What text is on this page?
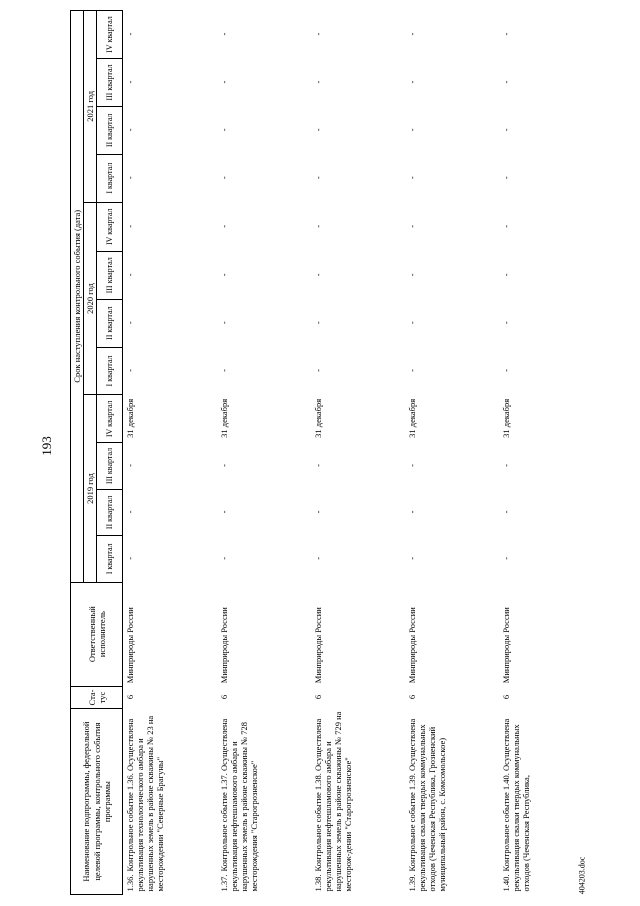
193
Наименование подпрограммы, федеральной целевой программы, контрольного события программы	Ста-тус	Ответственный исполнитель	Срок наступления контрольного события (дата)											
			2019 год				2020 год				2021 год			
			I квартал	II квартал	III квартал	IV квартал	I квартал	II квартал	III квартал	IV квартал	I квартал	II квартал	III квартал	IV квартал
1.36.Контрольное событие 1.36. Осуществлена рекультивация технологического амбара и нарушенных земель в районе скважины № 23 на месторождении "Северные Брагуны"	6	Минприроды России	-	-	-	31 декабря	-	-	-	-	-	-	-	-
1.37.Контрольное событие 1.37. Осуществлена рекультивация нефтешламового амбара и нарушенных земель в районе скважины № 728 месторождения "Старогрозненское"	6	Минприроды России	-	-	-	31 декабря	-	-	-	-	-	-	-	-
1.38.Контрольное событие 1.38. Осуществлена рекультивация нефтешламового амбара и нарушенных земель в районе скважины № 729 на месторож-дении "Старогрозненское"	6	Минприроды России	-	-	-	31 декабря	-	-	-	-	-	-	-	-
1.39.Контрольное событие 1.39. Осуществлена рекультивация свалки твердых коммунальных отходов (Чеченская Республика, Грозненский муниципальный район, с. Комсомольское)	6	Минприроды России	-	-	-	31 декабря	-	-	-	-	-	-	-	-
1.40.Контрольное событие 1.40. Осуществлена рекультивация свалки твердых коммунальных отходов (Чеченская Республика,	6	Минприроды России	-	-	-	31 декабря	-	-	-	-	-	-	-	-
404203.doc
